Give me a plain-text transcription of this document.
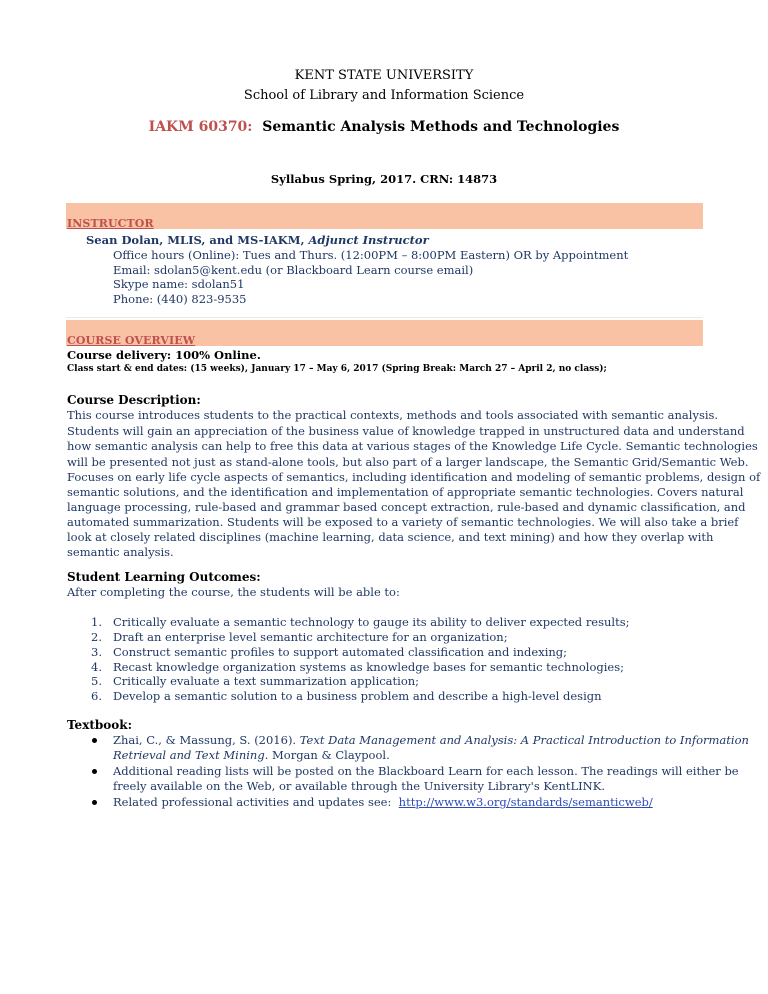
KENT STATE UNIVERSITY
School of Library and Information Science
IAKM 60370: Semantic Analysis Methods and Technologies
Syllabus Spring, 2017. CRN: 14873
INSTRUCTOR
Sean Dolan, MLIS, and MS-IAKM, Adjunct Instructor
Office hours (Online): Tues and Thurs. (12:00PM – 8:00PM Eastern) OR by Appointment
Email: sdolan5@kent.edu (or Blackboard Learn course email)
Skype name: sdolan51
Phone: (440) 823-9535
COURSE OVERVIEW
Course delivery: 100% Online.
Class start & end dates: (15 weeks), January 17 – May 6, 2017 (Spring Break: March 27 – April 2, no class);
Course Description:
This course introduces students to the practical contexts, methods and tools associated with semantic analysis.
Students will gain an appreciation of the business value of knowledge trapped in unstructured data and understand
how semantic analysis can help to free this data at various stages of the Knowledge Life Cycle. Semantic technologies
will be presented not just as stand-alone tools, but also part of a larger landscape, the Semantic Grid/Semantic Web.
Focuses on early life cycle aspects of semantics, including identification and modeling of semantic problems, design of
semantic solutions, and the identification and implementation of appropriate semantic technologies. Covers natural
language processing, rule-based and grammar based concept extraction, rule-based and dynamic classification, and
automated summarization. Students will be exposed to a variety of semantic technologies. We will also take a brief
look at closely related disciplines (machine learning, data science, and text mining) and how they overlap with
semantic analysis.
Student Learning Outcomes:
After completing the course, the students will be able to:
1. Critically evaluate a semantic technology to gauge its ability to deliver expected results;
2. Draft an enterprise level semantic architecture for an organization;
3. Construct semantic profiles to support automated classification and indexing;
4. Recast knowledge organization systems as knowledge bases for semantic technologies;
5. Critically evaluate a text summarization application;
6. Develop a semantic solution to a business problem and describe a high-level design
Textbook:
Zhai, C., & Massung, S. (2016). Text Data Management and Analysis: A Practical Introduction to Information
Retrieval and Text Mining. Morgan & Claypool.
Additional reading lists will be posted on the Blackboard Learn for each lesson. The readings will either be
freely available on the Web, or available through the University Library's KentLINK.
Related professional activities and updates see: http://www.w3.org/standards/semanticweb/
